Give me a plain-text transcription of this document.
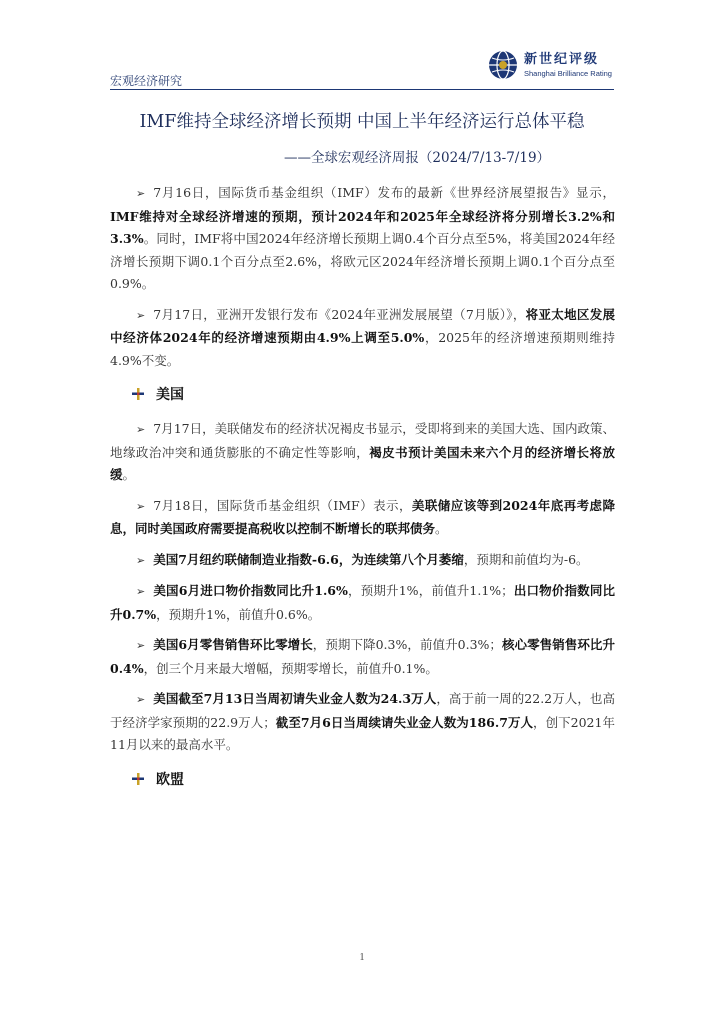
宏观经济研究
新世纪评级
Shanghai Brilliance Rating
IMF维持全球经济增长预期 中国上半年经济运行总体平稳
——全球宏观经济周报（2024/7/13-7/19）

➢ 7月16日，国际货币基金组织（IMF）发布的最新《世界经济展望报告》显示，IMF维持对全球经济增速的预期，预计2024年和2025年全球经济将分别增长3.2%和3.3%。同时，IMF将中国2024年经济增长预期上调0.4个百分点至5%，将美国2024年经济增长预期下调0.1个百分点至2.6%，将欧元区2024年经济增长预期上调0.1个百分点至0.9%。

➢ 7月17日，亚洲开发银行发布《2024年亚洲发展展望（7月版）》，将亚太地区发展中经济体2024年的经济增速预期由4.9%上调至5.0%，2025年的经济增速预期则维持4.9%不变。

美国

➢ 7月17日，美联储发布的经济状况褐皮书显示，受即将到来的美国大选、国内政策、地缘政治冲突和通货膨胀的不确定性等影响，褐皮书预计美国未来六个月的经济增长将放缓。

➢ 7月18日，国际货币基金组织（IMF）表示，美联储应该等到2024年底再考虑降息，同时美国政府需要提高税收以控制不断增长的联邦债务。

➢ 美国7月纽约联储制造业指数-6.6，为连续第八个月萎缩，预期和前值均为-6。

➢ 美国6月进口物价指数同比升1.6%，预期升1%，前值升1.1%；出口物价指数同比升0.7%，预期升1%，前值升0.6%。

➢ 美国6月零售销售环比零增长，预期下降0.3%，前值升0.3%；核心零售销售环比升0.4%，创三个月来最大增幅，预期零增长，前值升0.1%。

➢ 美国截至7月13日当周初请失业金人数为24.3万人，高于前一周的22.2万人，也高于经济学家预期的22.9万人；截至7月6日当周续请失业金人数为186.7万人，创下2021年11月以来的最高水平。

欧盟
1
